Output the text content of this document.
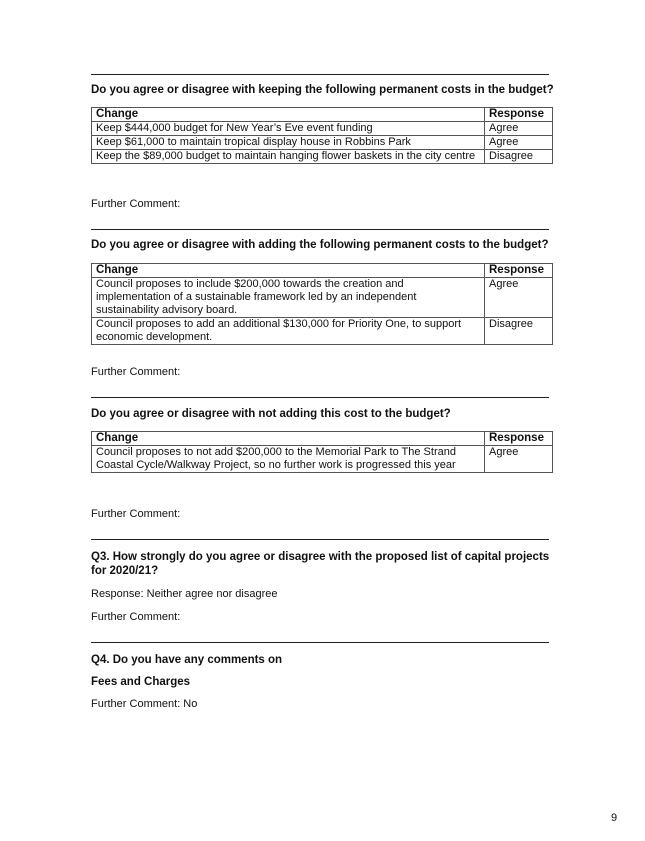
Do you agree or disagree with keeping the following permanent costs in the budget?
Change	Response
Keep $444,000 budget for New Year’s Eve event funding	Agree
Keep $61,000 to maintain tropical display house in Robbins Park	Agree
Keep the $89,000 budget to maintain hanging flower baskets in the city centre	Disagree
Further Comment:
Do you agree or disagree with adding the following permanent costs to the budget?
Change	Response
Council proposes to include $200,000 towards the creation and implementation of a sustainable framework led by an independent sustainability advisory board.	Agree
Council proposes to add an additional $130,000 for Priority One, to support economic development.	Disagree
Further Comment:
Do you agree or disagree with not adding this cost to the budget?
Change	Response
Council proposes to not add $200,000 to the Memorial Park to The Strand Coastal Cycle/Walkway Project, so no further work is progressed this year	Agree
Further Comment:
Q3. How strongly do you agree or disagree with the proposed list of capital projects for 2020/21?
Response: Neither agree nor disagree
Further Comment:
Q4. Do you have any comments on
Fees and Charges
Further Comment: No
9
